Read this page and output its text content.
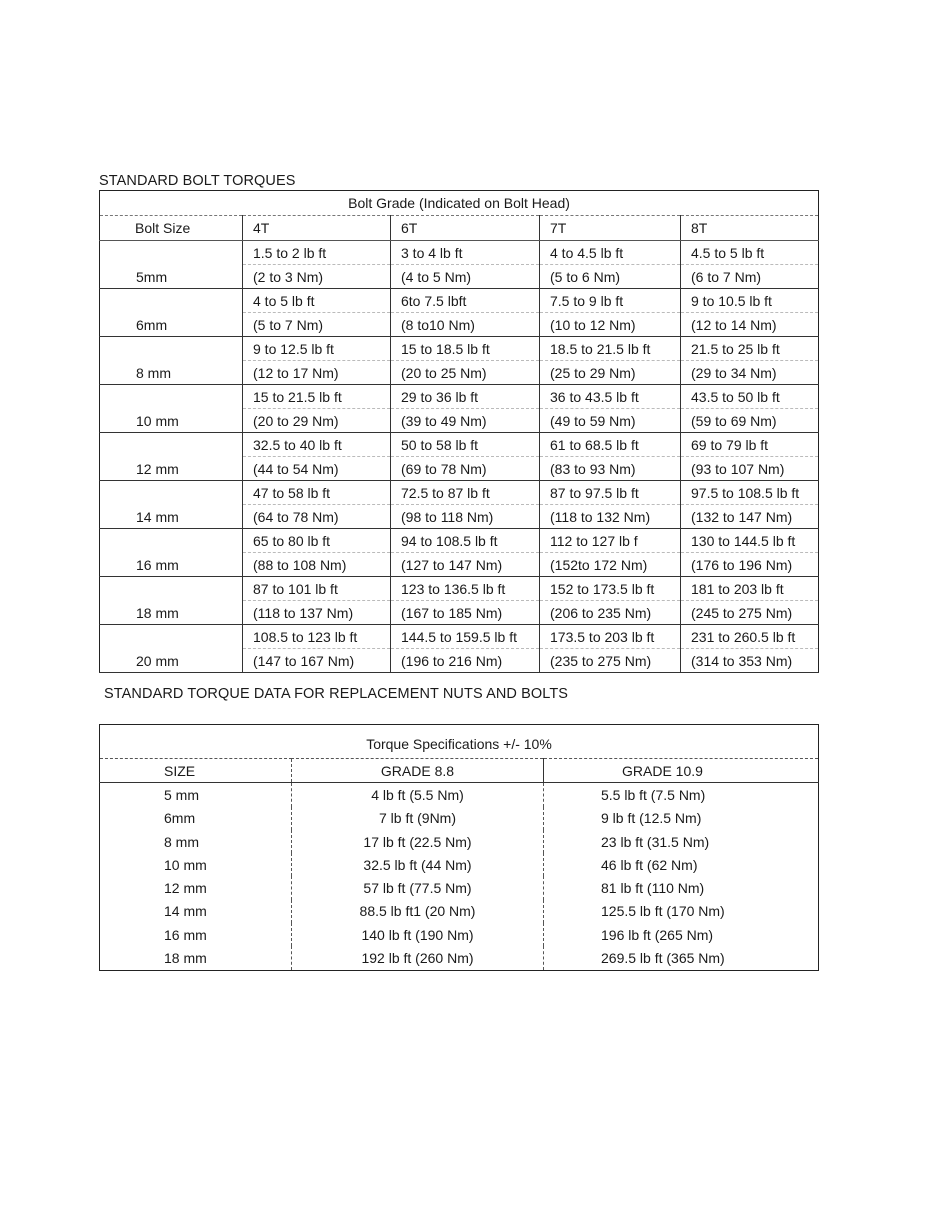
STANDARD BOLT TORQUES
Bolt Grade (Indicated on Bolt Head)				
Bolt Size	4T	6T	7T	8T
5mm	1.5 to 2 lb ft	3 to 4 lb ft	4 to 4.5 lb ft	4.5 to 5 lb ft
	(2 to 3 Nm)	(4 to 5 Nm)	(5 to 6 Nm)	(6 to 7 Nm)
6mm	4 to 5 lb ft	6to 7.5 lbft	7.5 to 9 lb ft	9 to 10.5 lb ft
	(5 to 7 Nm)	(8 to10 Nm)	(10 to 12 Nm)	(12 to 14 Nm)
8 mm	9 to 12.5 lb ft	15 to 18.5 lb ft	18.5 to 21.5 lb ft	21.5 to 25 lb ft
	(12 to 17 Nm)	(20 to 25 Nm)	(25 to 29 Nm)	(29 to 34 Nm)
10 mm	15 to 21.5 lb ft	29 to 36 lb ft	36 to 43.5 lb ft	43.5 to 50 lb ft
	(20 to 29 Nm)	(39 to 49 Nm)	(49 to 59 Nm)	(59 to 69 Nm)
12 mm	32.5 to 40 lb ft	50 to 58 lb ft	61 to 68.5 lb ft	69 to 79 lb ft
	(44 to 54 Nm)	(69 to 78 Nm)	(83 to 93 Nm)	(93 to 107 Nm)
14 mm	47 to 58 lb ft	72.5 to 87 lb ft	87 to 97.5 lb ft	97.5 to 108.5 lb ft
	(64 to 78 Nm)	(98 to 118 Nm)	(118 to 132 Nm)	(132 to 147 Nm)
16 mm	65 to 80 lb ft	94 to 108.5 lb ft	112 to 127 lb f	130 to 144.5 lb ft
	(88 to 108 Nm)	(127 to 147 Nm)	(152to 172 Nm)	(176 to 196 Nm)
18 mm	87 to 101 lb ft	123 to 136.5 lb ft	152 to 173.5 lb ft	181 to 203 lb ft
	(118 to 137 Nm)	(167 to 185 Nm)	(206 to 235 Nm)	(245 to 275 Nm)
20 mm	108.5 to 123 lb ft	144.5 to 159.5 lb ft	173.5 to 203 lb ft	231 to 260.5 lb ft
	(147 to 167 Nm)	(196 to 216 Nm)	(235 to 275 Nm)	(314 to 353 Nm)
STANDARD TORQUE DATA FOR REPLACEMENT NUTS AND BOLTS
Torque Specifications +/- 10%		
SIZE	GRADE 8.8	GRADE 10.9
5 mm	4 lb ft (5.5 Nm)	5.5 lb ft (7.5 Nm)
6mm	7 lb ft (9Nm)	9 lb ft (12.5 Nm)
8 mm	17 lb ft (22.5 Nm)	23 lb ft (31.5 Nm)
10 mm	32.5 lb ft (44 Nm)	46 lb ft (62 Nm)
12 mm	57 lb ft (77.5 Nm)	81 lb ft (110 Nm)
14 mm	88.5 lb ft1 (20 Nm)	125.5 lb ft (170 Nm)
16 mm	140 lb ft (190 Nm)	196 lb ft (265 Nm)
18 mm	192 lb ft (260 Nm)	269.5 lb ft (365 Nm)
